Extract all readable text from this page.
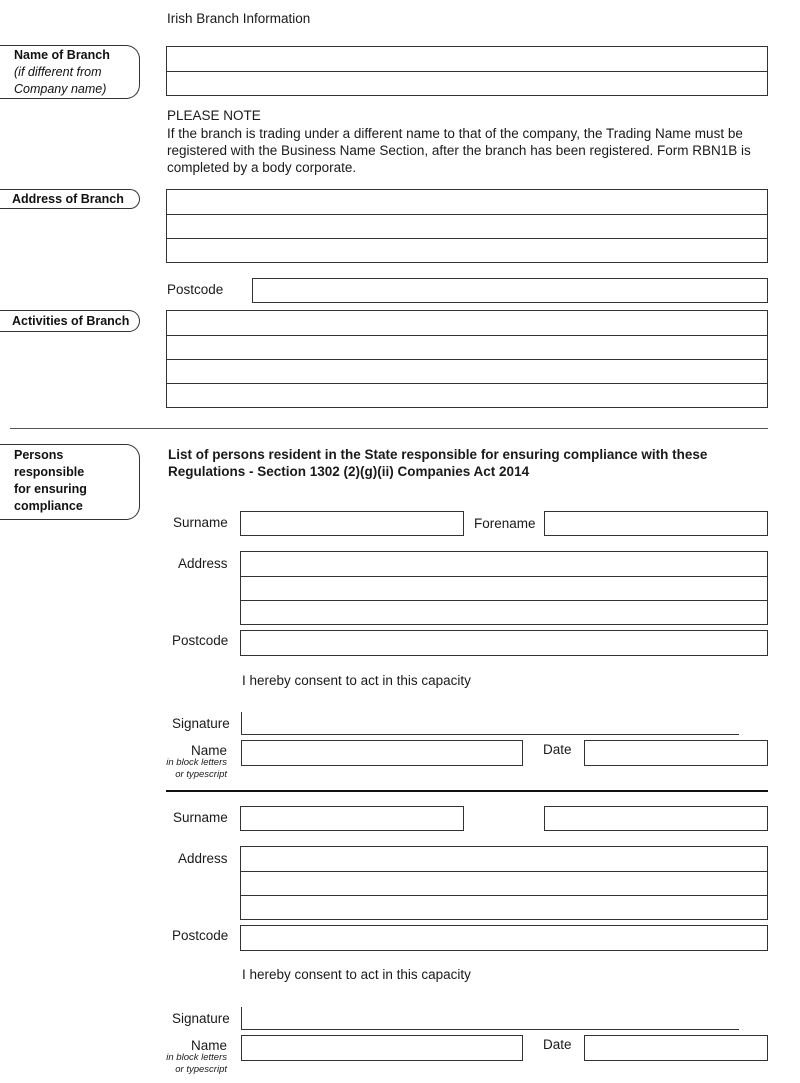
Irish Branch Information
Name of Branch
(if different from
Company name)
PLEASE NOTE
If the branch is trading under a different name to that of the company, the Trading Name must be registered with the Business Name Section, after the branch has been registered. Form RBN1B is completed by a body corporate.
Address of Branch
Postcode
Activities of Branch
Persons
responsible
for ensuring
compliance
List of persons resident in the State responsible for ensuring compliance with these Regulations - Section 1302 (2)(g)(ii) Companies Act 2014
Surname	Forename
Address
Postcode
I hereby consent to act in this capacity
Signature
Name
in block letters
or typescript
Date
Surname
Address
Postcode
I hereby consent to act in this capacity
Signature
Name
in block letters
or typescript
Date
